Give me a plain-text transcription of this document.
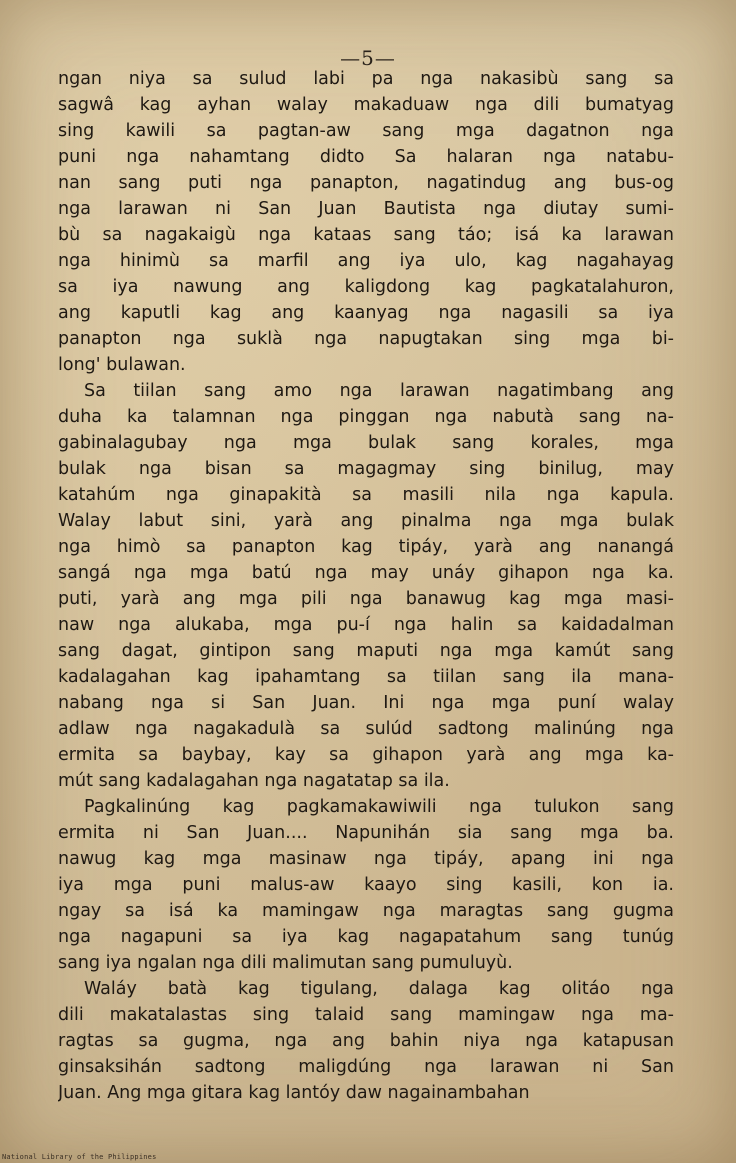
—5—
ngan niya sa sulud labi pa nga nakasibù sang sa
sagwâ kag ayhan walay makaduaw nga dili bumatyag
sing kawili sa pagtan-aw sang mga dagatnon nga
puni nga nahamtang didto Sa halaran nga natabu-
nan sang puti nga panapton, nagatindug ang bus-og
nga larawan ni San Juan Bautista nga diutay sumi-
bù sa nagakaigù nga kataas sang táo; isá ka larawan
nga hinimù sa marfil ang iya ulo, kag nagahayag
sa iya nawung ang kaligdong kag pagkatalahuron,
ang kaputli kag ang kaanyag nga nagasili sa iya
panapton nga suklà nga napugtakan sing mga bi-
long' bulawan.
Sa tiilan sang amo nga larawan nagatimbang ang
duha ka talamnan nga pinggan nga nabutà sang na-
gabinalagubay nga mga bulak sang korales, mga
bulak nga bisan sa magagmay sing binilug, may
katahúm nga ginapakità sa masili nila nga kapula.
Walay labut sini, yarà ang pinalma nga mga bulak
nga himò sa panapton kag tipáy, yarà ang nanangá
sangá nga mga batú nga may unáy gihapon nga ka.
puti, yarà ang mga pili nga banawug kag mga masi-
naw nga alukaba, mga pu-í nga halin sa kaidadalman
sang dagat, gintipon sang maputi nga mga kamút sang
kadalagahan kag ipahamtang sa tiilan sang ila mana-
nabang nga si San Juan. Ini nga mga puní walay
adlaw nga nagakadulà sa sulúd sadtong malinúng nga
ermita sa baybay, kay sa gihapon yarà ang mga ka-
mút sang kadalagahan nga nagatatap sa ila.
Pagkalinúng kag pagkamakawiwili nga tulukon sang
ermita ni San Juan.... Napunihán sia sang mga ba.
nawug kag mga masinaw nga tipáy, apang ini nga
iya mga puni malus-aw kaayo sing kasili, kon ia.
ngay sa isá ka mamingaw nga maragtas sang gugma
nga nagapuni sa iya kag nagapatahum sang tunúg
sang iya ngalan nga dili malimutan sang pumuluyù.
Waláy batà kag tigulang, dalaga kag olitáo nga
dili makatalastas sing talaid sang mamingaw nga ma-
ragtas sa gugma, nga ang bahin niya nga katapusan
ginsaksihán sadtong maligdúng nga larawan ni San
Juan. Ang mga gitara kag lantóy daw nagainambahan
National Library of the Philippines
